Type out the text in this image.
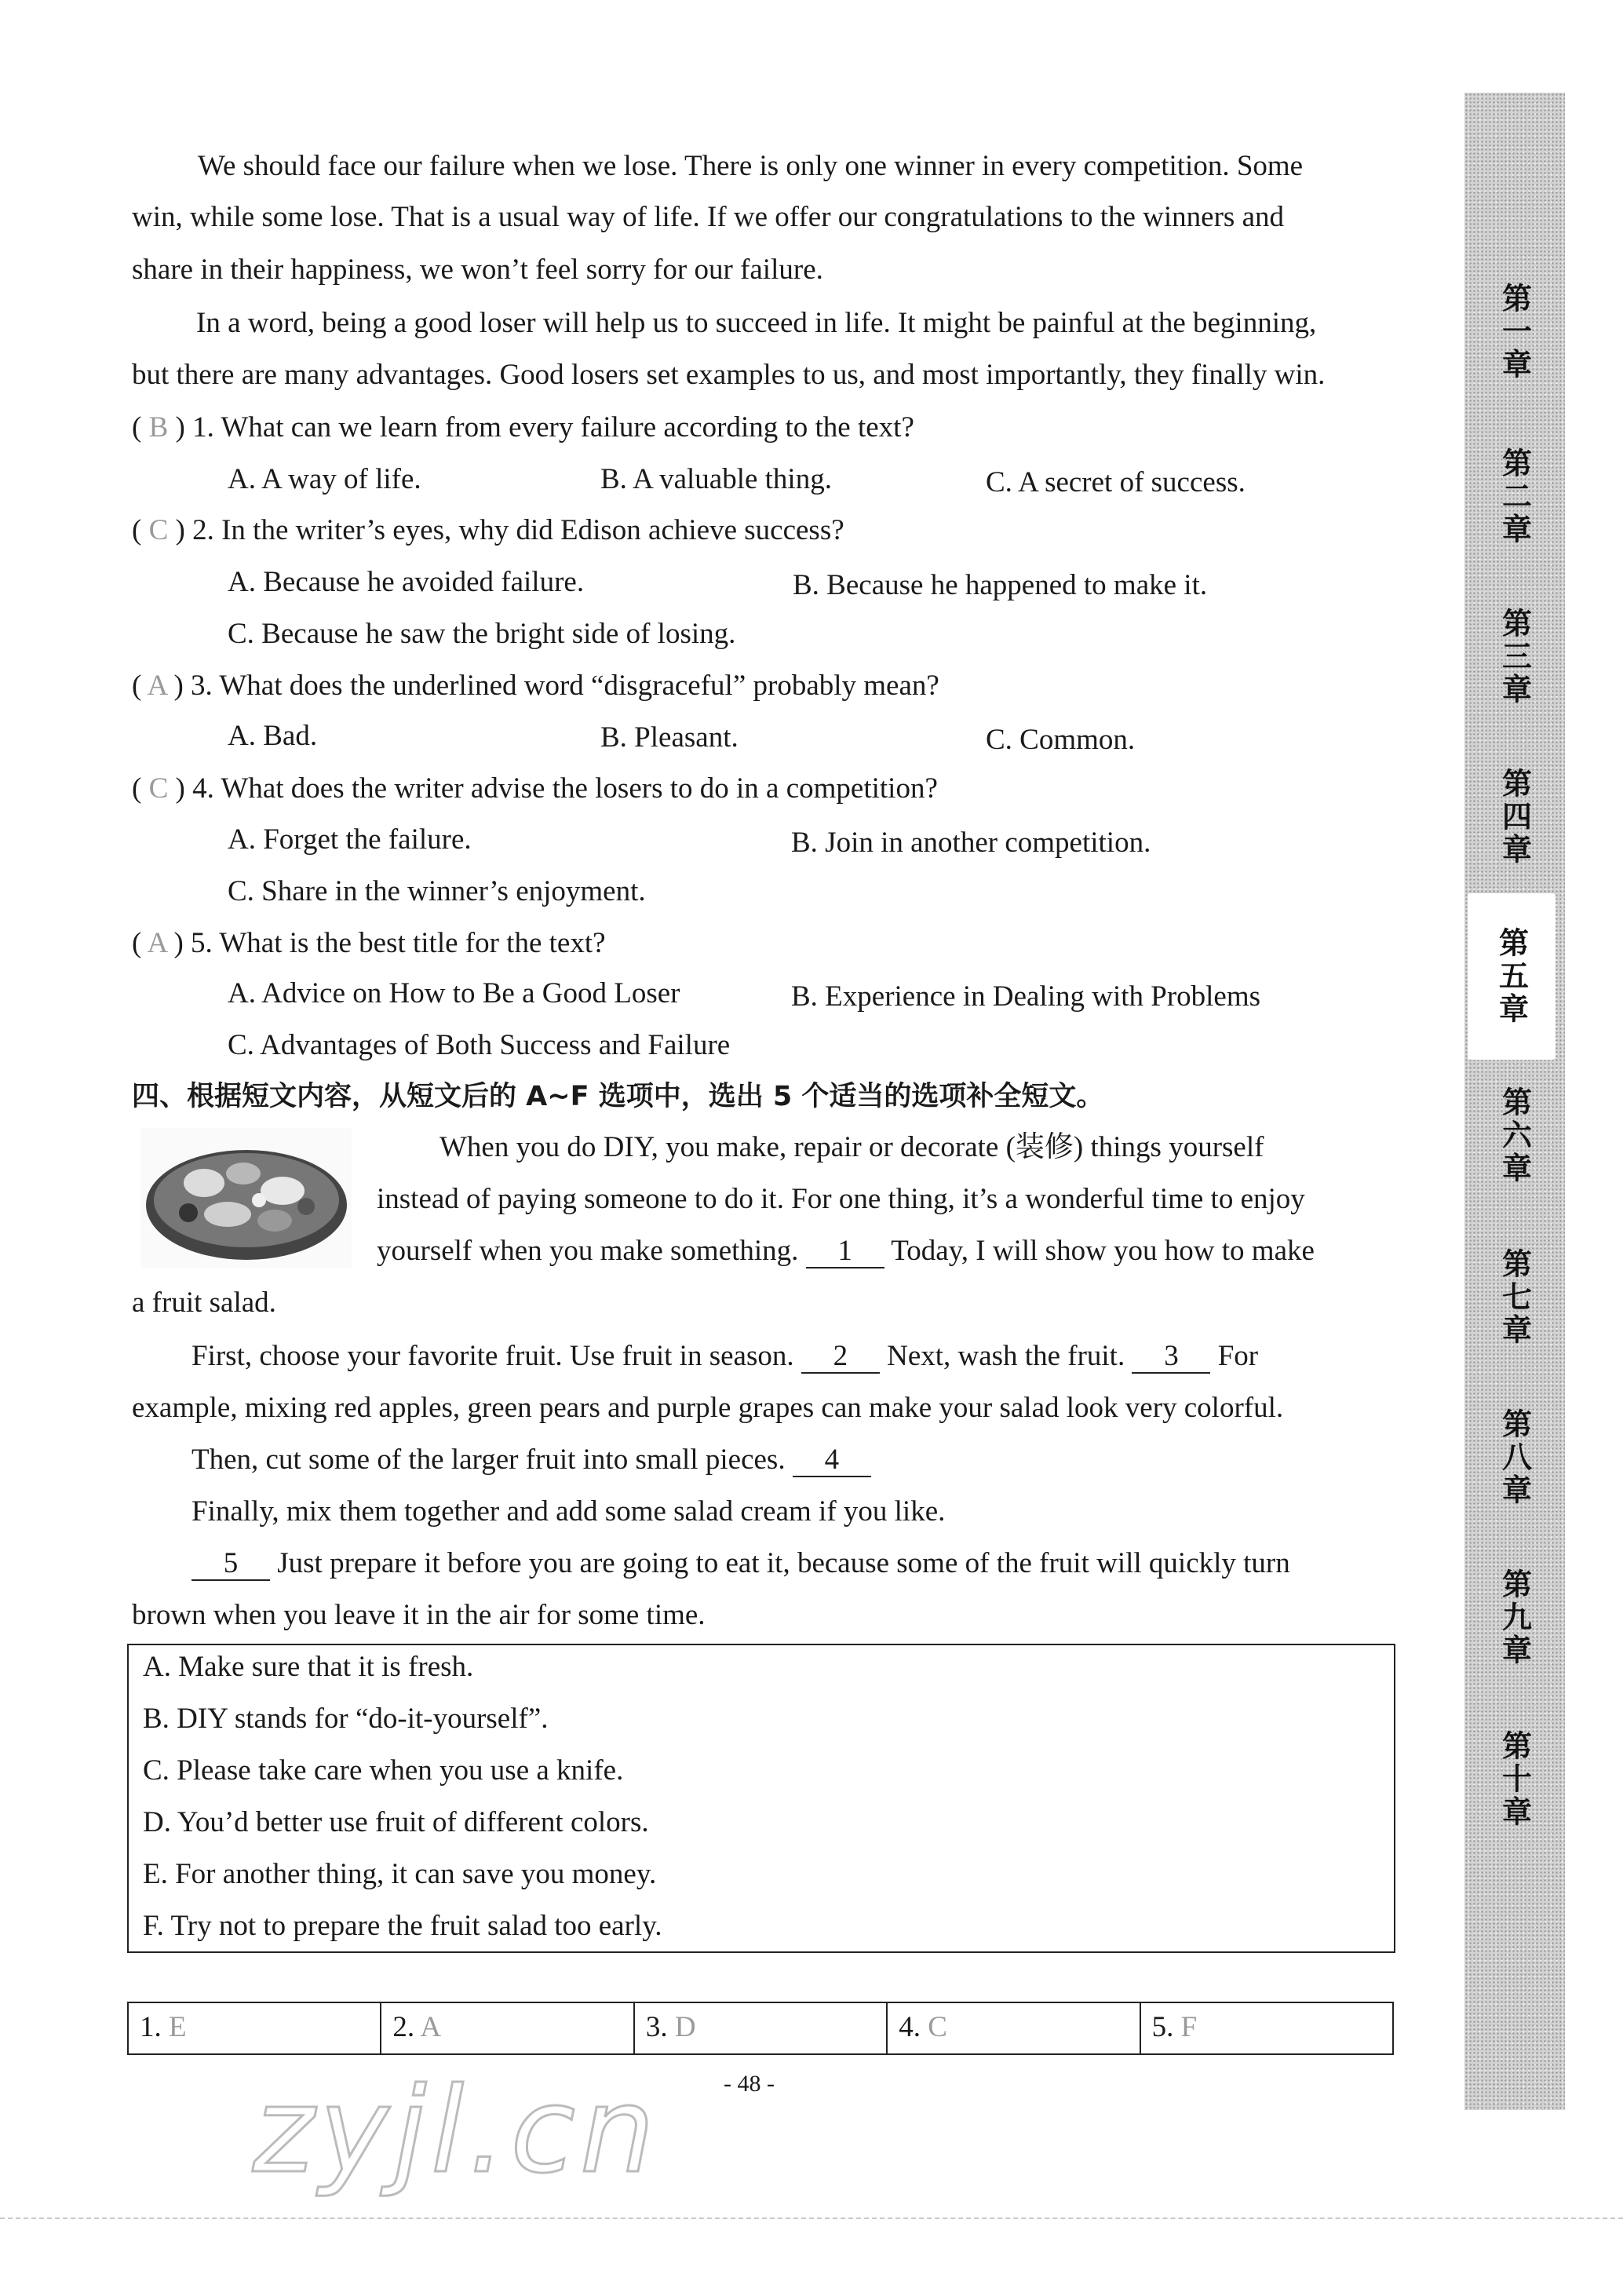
We should face our failure when we lose. There is only one winner in every competition. Some
win, while some lose. That is a usual way of life. If we offer our congratulations to the winners and
share in their happiness, we won’t feel sorry for our failure.
In a word, being a good loser will help us to succeed in life. It might be painful at the beginning,
but there are many advantages. Good losers set examples to us, and most importantly, they finally win.
( B ) 1. What can we learn from every failure according to the text?
A. A way of life.	B. A valuable thing.	C. A secret of success.
( C ) 2. In the writer’s eyes, why did Edison achieve success?
A. Because he avoided failure.	B. Because he happened to make it.
C. Because he saw the bright side of losing.
( A ) 3. What does the underlined word “disgraceful” probably mean?
A. Bad.	B. Pleasant.	C. Common.
( C ) 4. What does the writer advise the losers to do in a competition?
A. Forget the failure.	B. Join in another competition.
C. Share in the winner’s enjoyment.
( A ) 5. What is the best title for the text?
A. Advice on How to Be a Good Loser	B. Experience in Dealing with Problems
C. Advantages of Both Success and Failure
四、根据短文内容，从短文后的 A~F 选项中，选出 5 个适当的选项补全短文。
When you do DIY, you make, repair or decorate (装修) things yourself
instead of paying someone to do it. For one thing, it’s a wonderful time to enjoy
yourself when you make something. 1 Today, I will show you how to make
a fruit salad.
First, choose your favorite fruit. Use fruit in season. 2 Next, wash the fruit. 3 For
example, mixing red apples, green pears and purple grapes can make your salad look very colorful.
Then, cut some of the larger fruit into small pieces. 4
Finally, mix them together and add some salad cream if you like.
5 Just prepare it before you are going to eat it, because some of the fruit will quickly turn
brown when you leave it in the air for some time.
A. Make sure that it is fresh.
B. DIY stands for “do-it-yourself”.
C. Please take care when you use a knife.
D. You’d better use fruit of different colors.
E. For another thing, it can save you money.
F. Try not to prepare the fruit salad too early.
1. E	2. A	3. D	4. C	5. F
- 48 -
zyjl.cn
第一章
第二章
第三章
第四章
第五章
第六章
第七章
第八章
第九章
第十章
